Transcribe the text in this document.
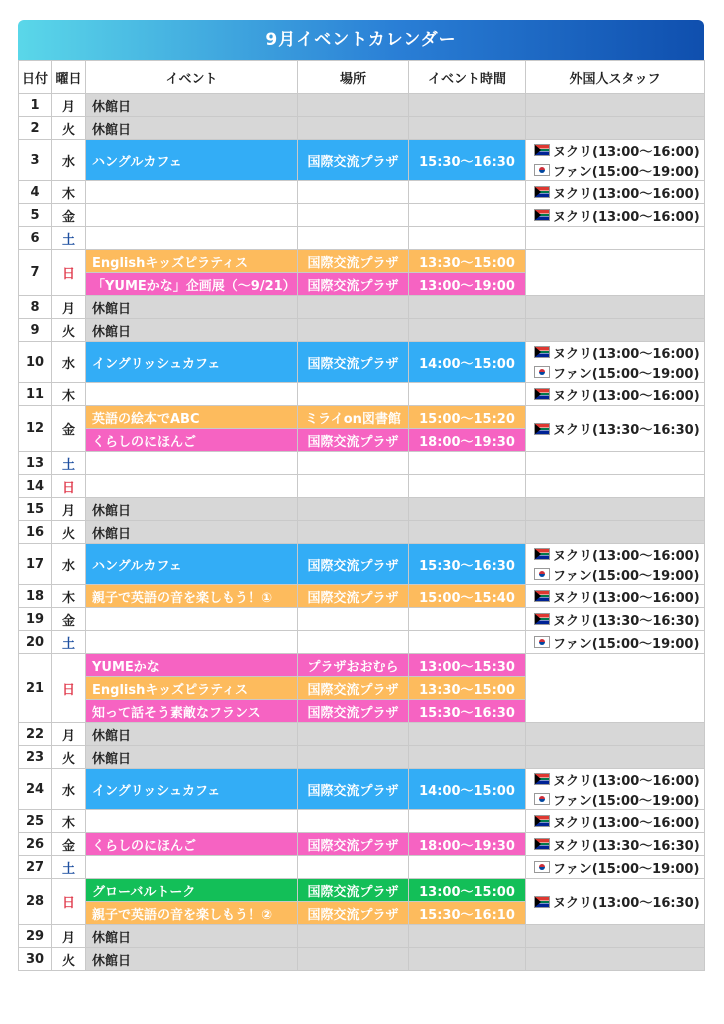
9月イベントカレンダー
日付	曜日	イベント	場所	イベント時間	外国人スタッフ
1	月	休館日			
2	火	休館日			
3	水	ハングルカフェ	国際交流プラザ	15:30〜16:30	ヌクリ(13:00〜16:00)
ファン(15:00〜19:00)

4	木				ヌクリ(13:00〜16:00)

5	金				ヌクリ(13:00〜16:00)

6	土				
7	日	Englishキッズピラティス	国際交流プラザ	13:30〜15:00	
		「YUMEかな」企画展（〜9/21）	国際交流プラザ	13:00〜19:00	
8	月	休館日			
9	火	休館日			
10	水	イングリッシュカフェ	国際交流プラザ	14:00〜15:00	ヌクリ(13:00〜16:00)
ファン(15:00〜19:00)

11	木				ヌクリ(13:00〜16:00)

12	金	英語の絵本でABC	ミライon図書館	15:00〜15:20	ヌクリ(13:30〜16:30)

		くらしのにほんご	国際交流プラザ	18:00〜19:30	
13	土				
14	日				
15	月	休館日			
16	火	休館日			
17	水	ハングルカフェ	国際交流プラザ	15:30〜16:30	ヌクリ(13:00〜16:00)
ファン(15:00〜19:00)

18	木	親子で英語の音を楽しもう！①	国際交流プラザ	15:00〜15:40	ヌクリ(13:00〜16:00)

19	金				ヌクリ(13:30〜16:30)

20	土				ファン(15:00〜19:00)

21	日	YUMEかな	プラザおおむら	13:00〜15:30	
		Englishキッズピラティス	国際交流プラザ	13:30〜15:00	
		知って話そう素敵なフランス	国際交流プラザ	15:30〜16:30	
22	月	休館日			
23	火	休館日			
24	水	イングリッシュカフェ	国際交流プラザ	14:00〜15:00	ヌクリ(13:00〜16:00)
ファン(15:00〜19:00)

25	木				ヌクリ(13:00〜16:00)

26	金	くらしのにほんご	国際交流プラザ	18:00〜19:30	ヌクリ(13:30〜16:30)

27	土				ファン(15:00〜19:00)

28	日	グローバルトーク	国際交流プラザ	13:00〜15:00	ヌクリ(13:00〜16:30)

		親子で英語の音を楽しもう！②	国際交流プラザ	15:30〜16:10	
29	月	休館日			
30	火	休館日			
